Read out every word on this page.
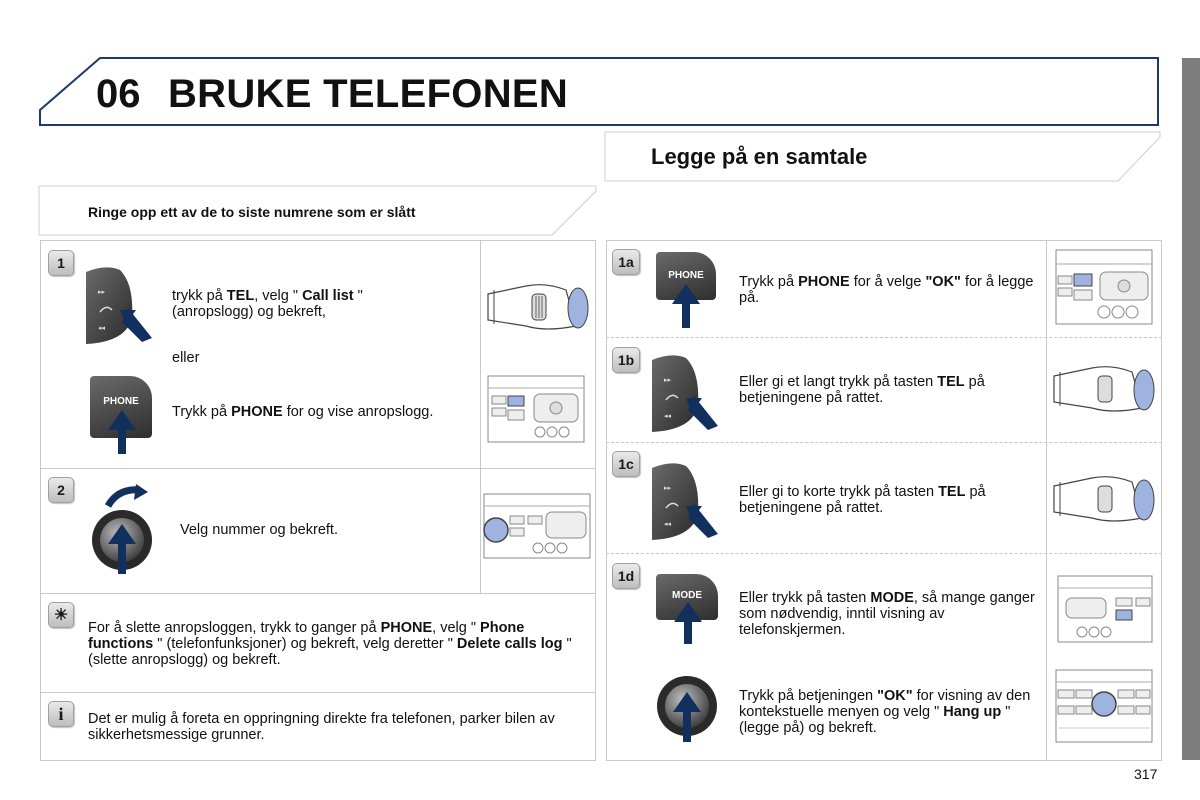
06 BRUKE TELEFONEN
Legge på en samtale
Ringe opp ett av de to siste numrene som er slått
1
▸▸
◂◂
trykk på TEL, velg " Call list "
(anropslogg) og bekreft,
eller
PHONE
Trykk på PHONE for og vise anropslogg.
2
Velg nummer og bekreft.
☀
For å slette anropsloggen, trykk to ganger på PHONE, velg " Phone functions " (telefonfunksjoner) og bekreft, velg deretter " Delete calls log " (slette anropslogg) og bekreft.
i Det er mulig å foreta en oppringning direkte fra telefonen, parker bilen av sikkerhetsmessige grunner.
1a
PHONE	Trykk på PHONE for å velge "OK" for å legge på.
1b
▸▸
◂◂
Eller gi et langt trykk på tasten TEL på betjeningene på rattet.
1c
▸▸
◂◂
Eller gi to korte trykk på tasten TEL på betjeningene på rattet.
1d
MODE	Eller trykk på tasten MODE, så mange ganger som nødvendig, inntil visning av telefonskjermen.
Trykk på betjeningen "OK" for visning av den kontekstuelle menyen og velg " Hang up " (legge på) og bekreft.
317
